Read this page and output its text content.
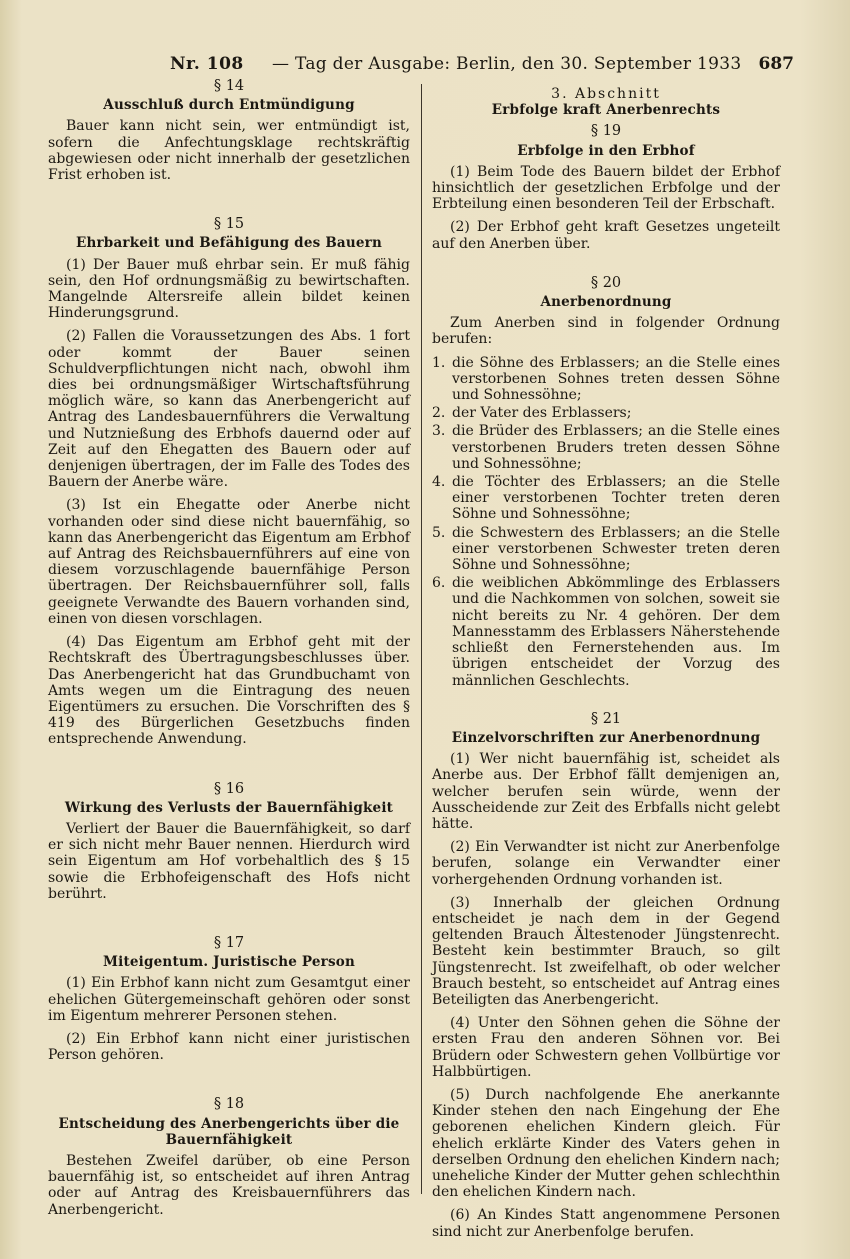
Nr. 108 — Tag der Ausgabe: Berlin, den 30. September 1933 687
§ 14
Ausschluß durch Entmündigung

Bauer kann nicht sein, wer entmündigt ist, sofern die Anfechtungsklage rechtskräftig abgewiesen oder nicht innerhalb der gesetzlichen Frist erhoben ist.

§ 15
Ehrbarkeit und Befähigung des Bauern

(1) Der Bauer muß ehrbar sein. Er muß fähig sein, den Hof ordnungsmäßig zu bewirtschaften. Mangelnde Altersreife allein bildet keinen Hinderungsgrund.

(2) Fallen die Voraussetzungen des Abs. 1 fort oder kommt der Bauer seinen Schuldverpflichtungen nicht nach, obwohl ihm dies bei ordnungsmäßiger Wirtschaftsführung möglich wäre, so kann das Anerbengericht auf Antrag des Landesbauernführers die Verwaltung und Nutznießung des Erbhofs dauernd oder auf Zeit auf den Ehegatten des Bauern oder auf denjenigen übertragen, der im Falle des Todes des Bauern der Anerbe wäre.

(3) Ist ein Ehegatte oder Anerbe nicht vorhanden oder sind diese nicht bauernfähig, so kann das Anerbengericht das Eigentum am Erbhof auf Antrag des Reichsbauernführers auf eine von diesem vorzuschlagende bauernfähige Person übertragen. Der Reichsbauernführer soll, falls geeignete Verwandte des Bauern vorhanden sind, einen von diesen vorschlagen.

(4) Das Eigentum am Erbhof geht mit der Rechtskraft des Übertragungsbeschlusses über. Das Anerbengericht hat das Grundbuchamt von Amts wegen um die Eintragung des neuen Eigentümers zu ersuchen. Die Vorschriften des § 419 des Bürgerlichen Gesetzbuchs finden entsprechende Anwendung.

§ 16
Wirkung des Verlusts der Bauernfähigkeit

Verliert der Bauer die Bauernfähigkeit, so darf er sich nicht mehr Bauer nennen. Hierdurch wird sein Eigentum am Hof vorbehaltlich des § 15 sowie die Erbhofeigenschaft des Hofs nicht berührt.

§ 17
Miteigentum. Juristische Person

(1) Ein Erbhof kann nicht zum Gesamtgut einer ehelichen Gütergemeinschaft gehören oder sonst im Eigentum mehrerer Personen stehen.

(2) Ein Erbhof kann nicht einer juristischen Person gehören.

§ 18
Entscheidung des Anerbengerichts über die Bauernfähigkeit

Bestehen Zweifel darüber, ob eine Person bauernfähig ist, so entscheidet auf ihren Antrag oder auf Antrag des Kreisbauernführers das Anerbengericht.

3. Abschnitt
Erbfolge kraft Anerbenrechts
§ 19
Erbfolge in den Erbhof

(1) Beim Tode des Bauern bildet der Erbhof hinsichtlich der gesetzlichen Erbfolge und der Erbteilung einen besonderen Teil der Erbschaft.

(2) Der Erbhof geht kraft Gesetzes ungeteilt auf den Anerben über.

§ 20
Anerbenordnung

Zum Anerben sind in folgender Ordnung berufen:

1. die Söhne des Erblassers; an die Stelle eines verstorbenen Sohnes treten dessen Söhne und Sohnessöhne;
2. der Vater des Erblassers;
3. die Brüder des Erblassers; an die Stelle eines verstorbenen Bruders treten dessen Söhne und Sohnessöhne;
4. die Töchter des Erblassers; an die Stelle einer verstorbenen Tochter treten deren Söhne und Sohnessöhne;
5. die Schwestern des Erblassers; an die Stelle einer verstorbenen Schwester treten deren Söhne und Sohnessöhne;
6. die weiblichen Abkömmlinge des Erblassers und die Nachkommen von solchen, soweit sie nicht bereits zu Nr. 4 gehören. Der dem Mannesstamm des Erblassers Näherstehende schließt den Fernerstehenden aus. Im übrigen entscheidet der Vorzug des männlichen Geschlechts.
§ 21
Einzelvorschriften zur Anerbenordnung

(1) Wer nicht bauernfähig ist, scheidet als Anerbe aus. Der Erbhof fällt demjenigen an, welcher berufen sein würde, wenn der Ausscheidende zur Zeit des Erbfalls nicht gelebt hätte.

(2) Ein Verwandter ist nicht zur Anerbenfolge berufen, solange ein Verwandter einer vorhergehenden Ordnung vorhanden ist.

(3) Innerhalb der gleichen Ordnung entscheidet je nach dem in der Gegend geltenden Brauch Ältestenoder Jüngstenrecht. Besteht kein bestimmter Brauch, so gilt Jüngstenrecht. Ist zweifelhaft, ob oder welcher Brauch besteht, so entscheidet auf Antrag eines Beteiligten das Anerbengericht.

(4) Unter den Söhnen gehen die Söhne der ersten Frau den anderen Söhnen vor. Bei Brüdern oder Schwestern gehen Vollbürtige vor Halbbürtigen.

(5) Durch nachfolgende Ehe anerkannte Kinder stehen den nach Eingehung der Ehe geborenen ehelichen Kindern gleich. Für ehelich erklärte Kinder des Vaters gehen in derselben Ordnung den ehelichen Kindern nach; uneheliche Kinder der Mutter gehen schlechthin den ehelichen Kindern nach.

(6) An Kindes Statt angenommene Personen sind nicht zur Anerbenfolge berufen.
